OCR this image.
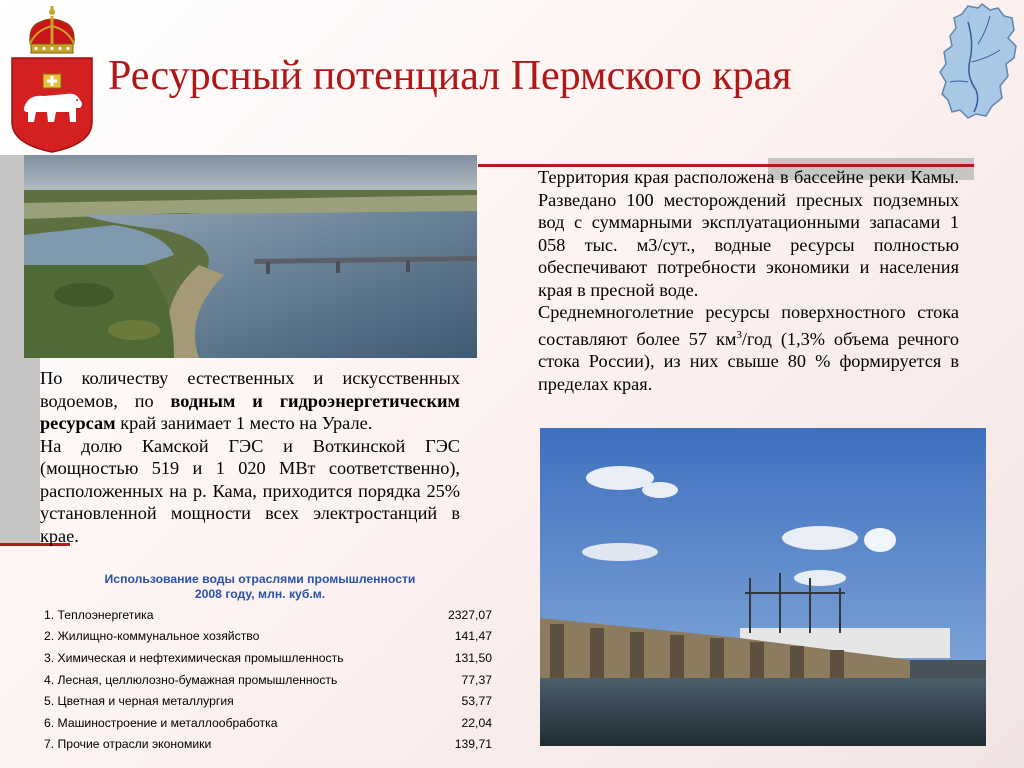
Ресурсный потенциал Пермского края

По количеству естественных и искусственных водоемов, по водным и гидроэнергетическим ресурсам край занимает 1 место на Урале.

На долю Камской ГЭС и Воткинской ГЭС (мощностью 519 и 1 020 МВт соответственно), расположенных на р. Кама, приходится порядка 25% установленной мощности всех электростанций в крае.

Территория края расположена в бассейне реки Камы. Разведано 100 месторождений пресных подземных вод с суммарными эксплуатационными запасами 1 058 тыс. м3/сут., водные ресурсы полностью обеспечивают потребности экономики и населения края в пресной воде.

Среднемноголетние ресурсы поверхностного стока составляют более 57 $км^3$/год (1,3% объема речного стока России), из них свыше 80 % формируется в пределах края.

Использование воды отраслями промышленности
2008 году, млн. куб.м.
1. Теплоэнергетика	2327,07
2. Жилищно-коммунальное хозяйство	141,47
3. Химическая и нефтехимическая промышленность	131,50
4. Лесная, целлюлозно-бумажная промышленность	77,37
5. Цветная и черная металлургия	53,77
6. Машиностроение и металлообработка	22,04
7. Прочие отрасли экономики	139,71
